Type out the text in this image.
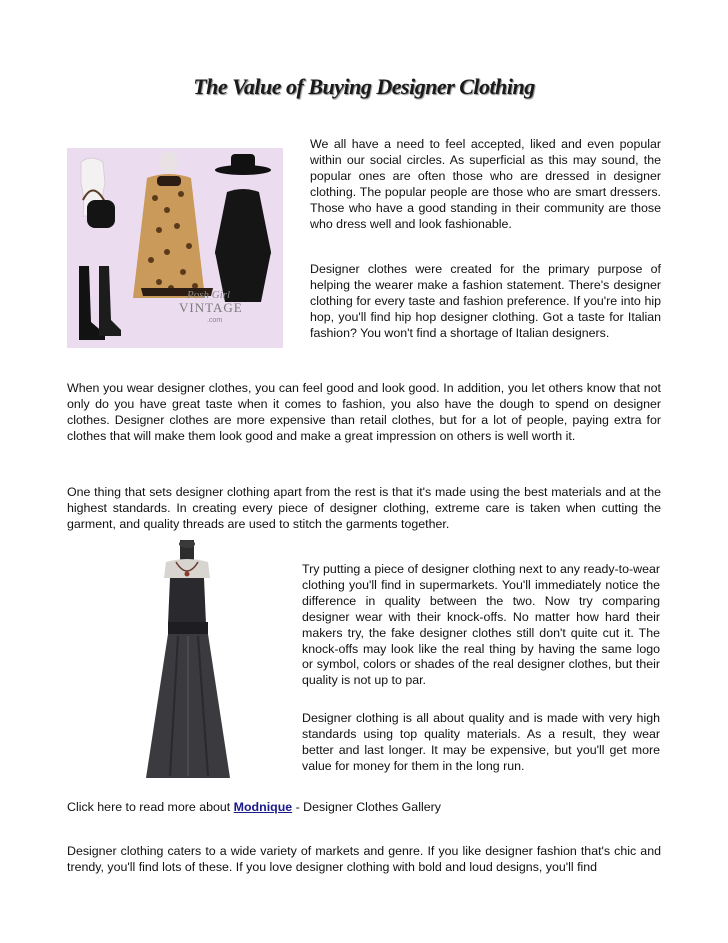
The Value of Buying Designer Clothing
Posh Girl
VINTAGE
.com

We all have a need to feel accepted, liked and even popular within our social circles. As superficial as this may sound, the popular ones are often those who are dressed in designer clothing. The popular people are those who are smart dressers. Those who have a good standing in their community are those who dress well and look fashionable.

Designer clothes were created for the primary purpose of helping the wearer make a fashion statement. There's designer clothing for every taste and fashion preference. If you're into hip hop, you'll find hip hop designer clothing. Got a taste for Italian fashion? You won't find a shortage of Italian designers.

When you wear designer clothes, you can feel good and look good. In addition, you let others know that not only do you have great taste when it comes to fashion, you also have the dough to spend on designer clothes. Designer clothes are more expensive than retail clothes, but for a lot of people, paying extra for clothes that will make them look good and make a great impression on others is well worth it.

One thing that sets designer clothing apart from the rest is that it's made using the best materials and at the highest standards. In creating every piece of designer clothing, extreme care is taken when cutting the garment, and quality threads are used to stitch the garments together.

Try putting a piece of designer clothing next to any ready-to-wear clothing you'll find in supermarkets. You'll immediately notice the difference in quality between the two. Now try comparing designer wear with their knock-offs. No matter how hard their makers try, the fake designer clothes still don't quite cut it. The knock-offs may look like the real thing by having the same logo or symbol, colors or shades of the real designer clothes, but their quality is not up to par.

Designer clothing is all about quality and is made with very high standards using top quality materials. As a result, they wear better and last longer. It may be expensive, but you'll get more value for money for them in the long run.

Click here to read more about Modnique - Designer Clothes Gallery

Designer clothing caters to a wide variety of markets and genre. If you like designer fashion that's chic and trendy, you'll find lots of these. If you love designer clothing with bold and loud designs, you'll find
